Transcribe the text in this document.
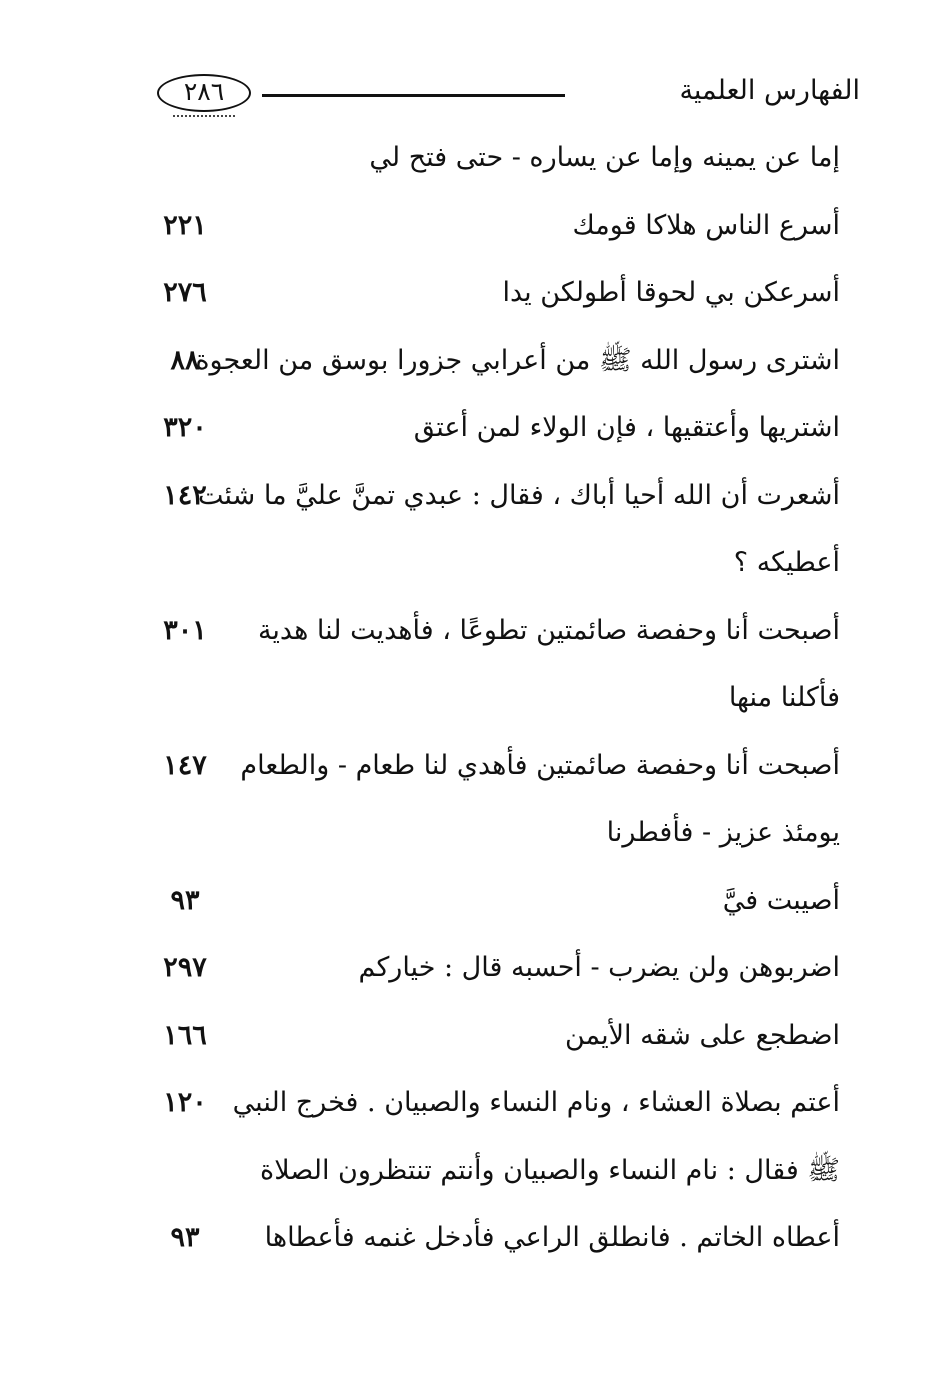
٢٨٦	الفهارس العلمية
إما عن يمينه وإما عن يساره - حتى فتح لي
أسرع الناس هلاكا قومك
٢٢١
أسرعكن بي لحوقا أطولكن يدا
٢٧٦
اشترى رسول الله ﷺ من أعرابي جزورا بوسق من العجوة
٨٨
اشتريها وأعتقيها ، فإن الولاء لمن أعتق
٣٢٠
أشعرت أن الله أحيا أباك ، فقال : عبدي تمنَّ عليَّ ما شئت
١٤٢
أعطيكه ؟
أصبحت أنا وحفصة صائمتين تطوعًا ، فأهديت لنا هدية
٣٠١
فأكلنا منها
أصبحت أنا وحفصة صائمتين فأهدي لنا طعام - والطعام
١٤٧
يومئذ عزيز - فأفطرنا
أصيبت فيَّ
٩٣
اضربوهن ولن يضرب - أحسبه قال : خياركم
٢٩٧
اضطجع على شقه الأيمن
١٦٦
أعتم بصلاة العشاء ، ونام النساء والصبيان . فخرج النبي
١٢٠
ﷺ فقال : نام النساء والصبيان وأنتم تنتظرون الصلاة
أعطاه الخاتم . فانطلق الراعي فأدخل غنمه فأعطاها
٩٣
